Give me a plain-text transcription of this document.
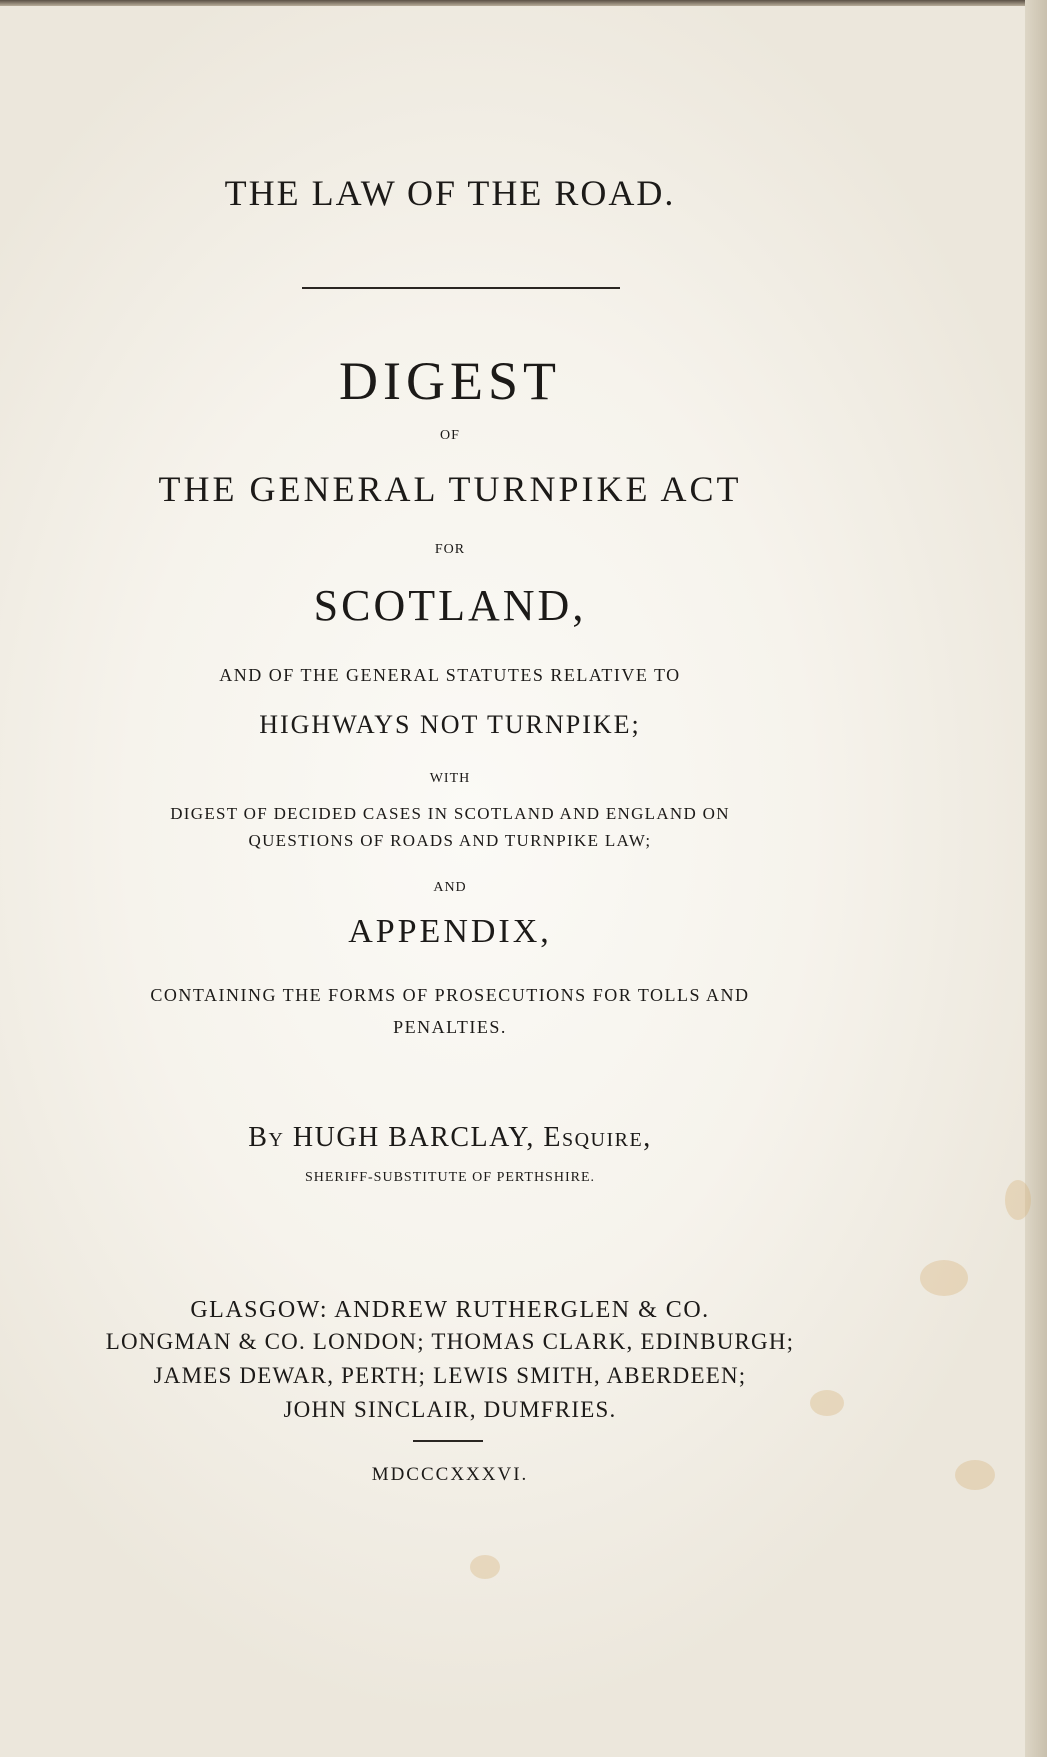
THE LAW OF THE ROAD.
DIGEST
OF
THE GENERAL TURNPIKE ACT
FOR
SCOTLAND,
AND OF THE GENERAL STATUTES RELATIVE TO
HIGHWAYS NOT TURNPIKE;
WITH
DIGEST OF DECIDED CASES IN SCOTLAND AND ENGLAND ON
QUESTIONS OF ROADS AND TURNPIKE LAW;
AND
APPENDIX,
CONTAINING THE FORMS OF PROSECUTIONS FOR TOLLS AND
PENALTIES.
By HUGH BARCLAY, Esquire,
SHERIFF-SUBSTITUTE OF PERTHSHIRE.
GLASGOW: ANDREW RUTHERGLEN & CO.
LONGMAN & CO. LONDON; THOMAS CLARK, EDINBURGH;
JAMES DEWAR, PERTH; LEWIS SMITH, ABERDEEN;
JOHN SINCLAIR, DUMFRIES.
MDCCCXXXVI.
